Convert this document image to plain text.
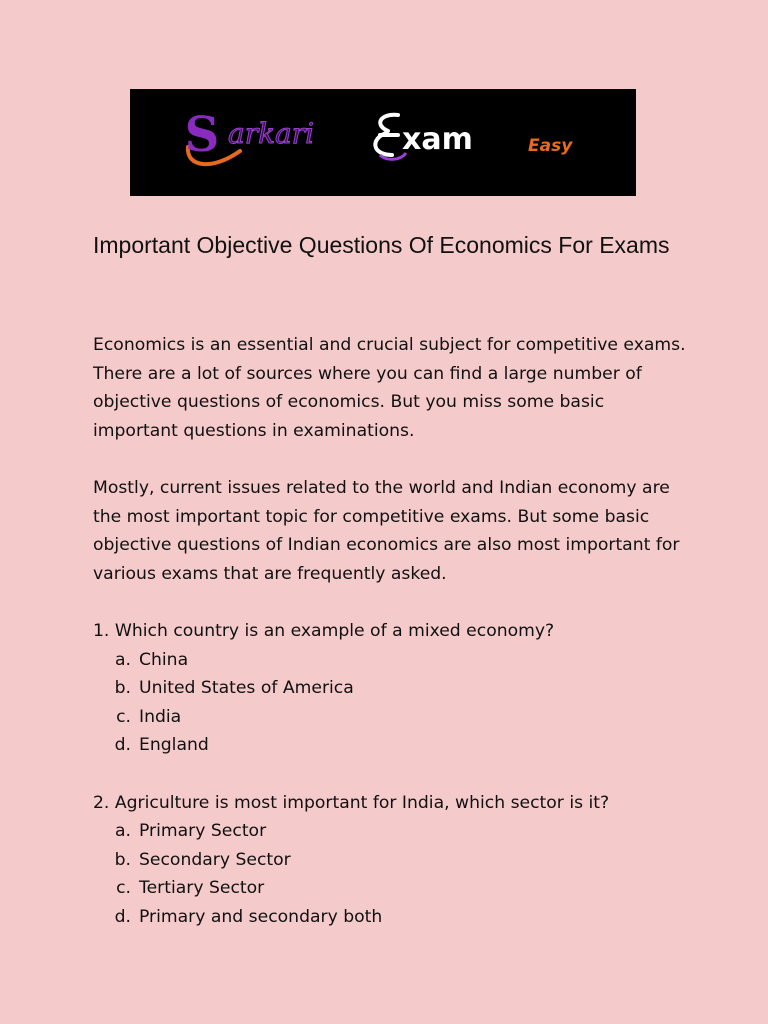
S arkari	xam	Easy
Important Objective Questions Of Economics For Exams

Economics is an essential and crucial subject for competitive exams. There are a lot of sources where you can find a large number of objective questions of economics. But you miss some basic important questions in examinations.

Mostly, current issues related to the world and Indian economy are the most important topic for competitive exams. But some basic objective questions of Indian economics are also most important for various exams that are frequently asked.

1. Which country is an example of a mixed economy?
a. China
b. United States of America
c. India
d. England
2. Agriculture is most important for India, which sector is it?
a. Primary Sector
b. Secondary Sector
c. Tertiary Sector
d. Primary and secondary both
